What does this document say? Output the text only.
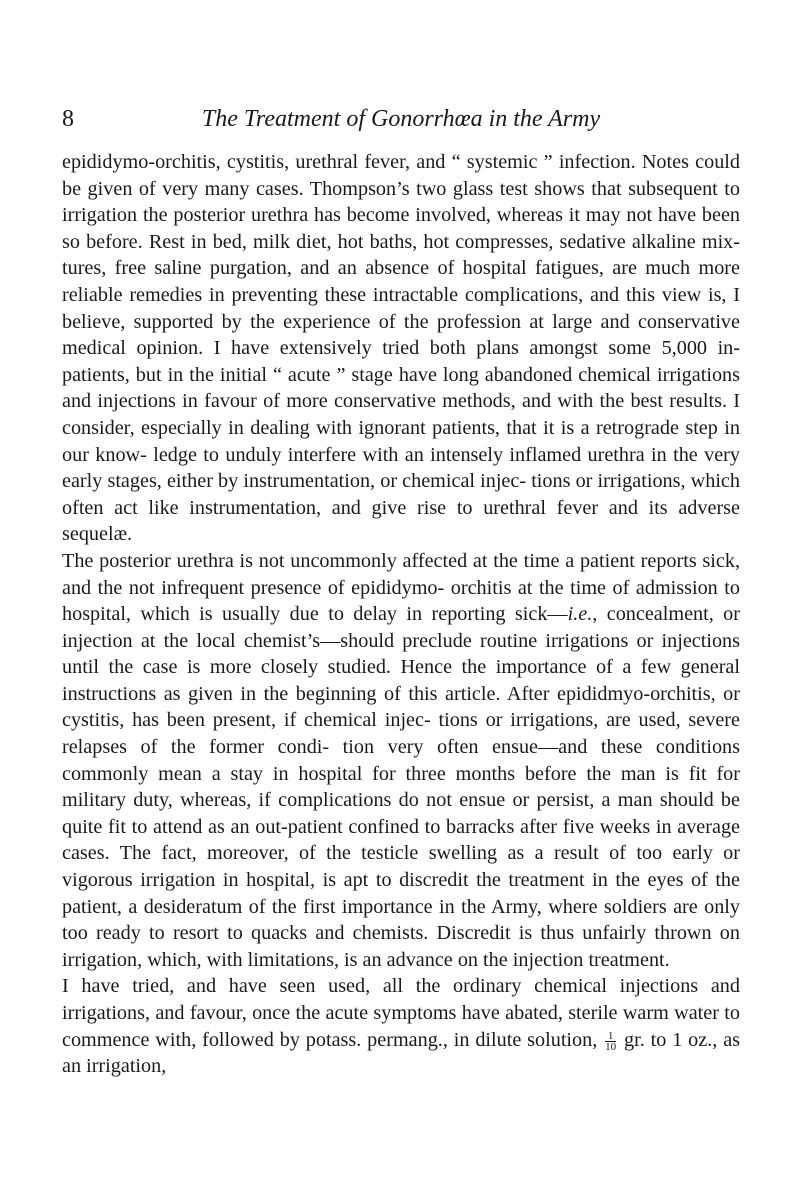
8	The Treatment of Gonorrhœa in the Army

epididymo-orchitis, cystitis, urethral fever, and “ systemic ” infection. Notes could be given of very many cases. Thompson’s two glass test shows that subsequent to irrigation the posterior urethra has become involved, whereas it may not have been so before. Rest in bed, milk diet, hot baths, hot compresses, sedative alkaline mix- tures, free saline purgation, and an absence of hospital fatigues, are much more reliable remedies in preventing these intractable complications, and this view is, I believe, supported by the experience of the profession at large and conservative medical opinion. I have extensively tried both plans amongst some 5,000 in-patients, but in the initial “ acute ” stage have long abandoned chemical irrigations and injections in favour of more conservative methods, and with the best results. I consider, especially in dealing with ignorant patients, that it is a retrograde step in our know- ledge to unduly interfere with an intensely inflamed urethra in the very early stages, either by instrumentation, or chemical injec- tions or irrigations, which often act like instrumentation, and give rise to urethral fever and its adverse sequelæ.

The posterior urethra is not uncommonly affected at the time a patient reports sick, and the not infrequent presence of epididymo- orchitis at the time of admission to hospital, which is usually due to delay in reporting sick—i.e., concealment, or injection at the local chemist’s—should preclude routine irrigations or injections until the case is more closely studied. Hence the importance of a few general instructions as given in the beginning of this article. After epididmyo-orchitis, or cystitis, has been present, if chemical injec- tions or irrigations, are used, severe relapses of the former condi- tion very often ensue—and these conditions commonly mean a stay in hospital for three months before the man is fit for military duty, whereas, if complications do not ensue or persist, a man should be quite fit to attend as an out-patient confined to barracks after five weeks in average cases. The fact, moreover, of the testicle swelling as a result of too early or vigorous irrigation in hospital, is apt to discredit the treatment in the eyes of the patient, a desideratum of the first importance in the Army, where soldiers are only too ready to resort to quacks and chemists. Discredit is thus unfairly thrown on irrigation, which, with limitations, is an advance on the injection treatment.

I have tried, and have seen used, all the ordinary chemical injections and irrigations, and favour, once the acute symptoms have abated, sterile warm water to commence with, followed by potass. permang., in dilute solution, $\frac{1}{10}$ gr. to 1 oz., as an irrigation,
